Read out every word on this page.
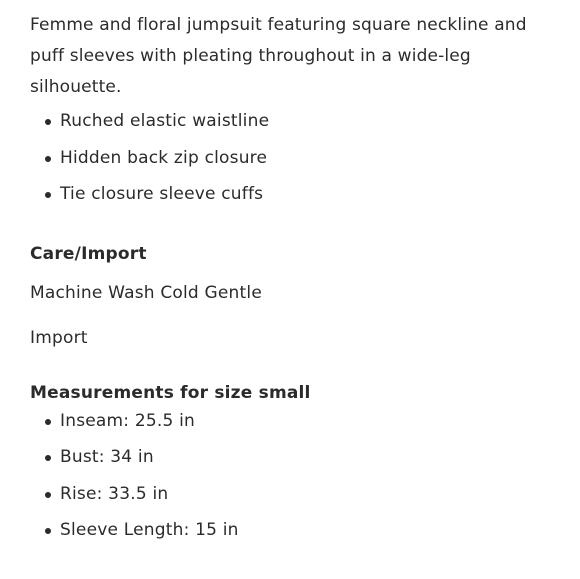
Femme and floral jumpsuit featuring square neckline and puff sleeves with pleating throughout in a wide-leg silhouette.

Ruched elastic waistline
Hidden back zip closure
Tie closure sleeve cuffs
Care/Import

Machine Wash Cold Gentle

Import

Measurements for size small
Inseam: 25.5 in
Bust: 34 in
Rise: 33.5 in
Sleeve Length: 15 in
